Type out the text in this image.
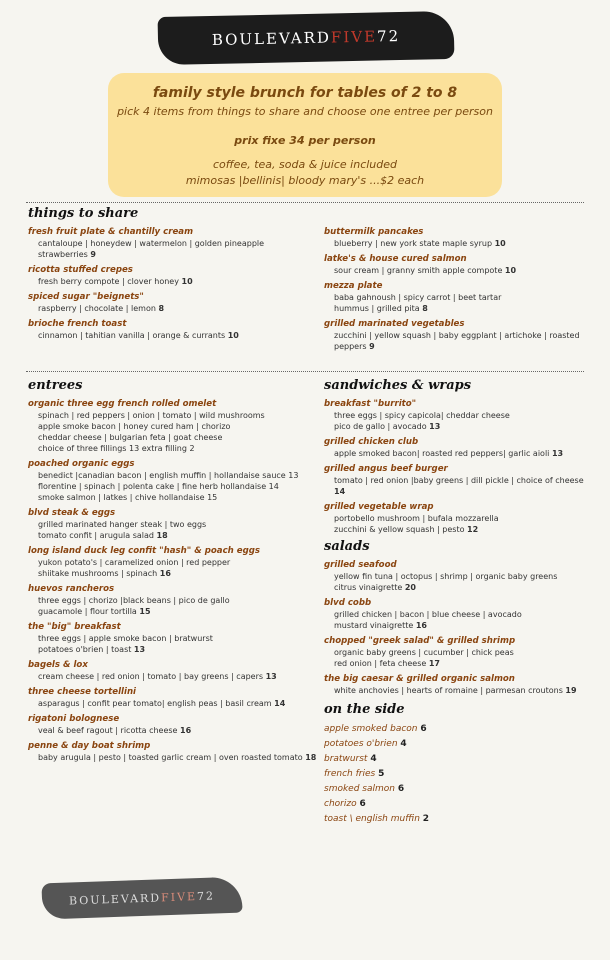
BOULEVARD FIVE 72
family style brunch for tables of 2 to 8
pick 4 items from things to share and choose one entree per person
prix fixe 34 per person
coffee, tea, soda & juice included
mimosas |bellinis| bloody mary's ...$2 each
things to share
fresh fruit plate & chantilly cream
cantaloupe | honeydew | watermelon | golden pineapple
strawberries 9
ricotta stuffed crepes
fresh berry compote | clover honey 10
spiced sugar "beignets"
raspberry | chocolate | lemon 8
brioche french toast
cinnamon | tahitian vanilla | orange & currants 10
buttermilk pancakes
blueberry | new york state maple syrup 10
latke's & house cured salmon
sour cream | granny smith apple compote 10
mezza plate
baba gahnoush | spicy carrot | beet tartar
hummus | grilled pita 8
grilled marinated vegetables
zucchini | yellow squash | baby eggplant | artichoke | roasted
peppers 9
entrees
organic three egg french rolled omelet
spinach | red peppers | onion | tomato | wild mushrooms
apple smoke bacon | honey cured ham | chorizo
cheddar cheese | bulgarian feta | goat cheese
choice of three fillings 13 extra filling 2
poached organic eggs
benedict |canadian bacon | english muffin | hollandaise sauce 13
florentine | spinach | polenta cake | fine herb hollandaise 14
smoke salmon | latkes | chive hollandaise 15
blvd steak & eggs
grilled marinated hanger steak | two eggs
tomato confit | arugula salad 18
long island duck leg confit "hash" & poach eggs
yukon potato's | caramelized onion | red pepper
shiitake mushrooms | spinach 16
huevos rancheros
three eggs | chorizo |black beans | pico de gallo
guacamole | flour tortilla 15
the "big" breakfast
three eggs | apple smoke bacon | bratwurst
potatoes o'brien | toast 13
bagels & lox
cream cheese | red onion | tomato | bay greens | capers 13
three cheese tortellini
asparagus | confit pear tomato| english peas | basil cream 14
rigatoni bolognese
veal & beef ragout | ricotta cheese 16
penne & day boat shrimp
baby arugula | pesto | toasted garlic cream | oven roasted tomato 18
sandwiches & wraps
breakfast "burrito"
three eggs | spicy capicola| cheddar cheese
pico de gallo | avocado 13
grilled chicken club
apple smoked bacon| roasted red peppers| garlic aioli 13
grilled angus beef burger
tomato | red onion |baby greens | dill pickle | choice of cheese 14
grilled vegetable wrap
portobello mushroom | bufala mozzarella
zucchini & yellow squash | pesto 12
salads
grilled seafood
yellow fin tuna | octopus | shrimp | organic baby greens
citrus vinaigrette 20
blvd cobb
grilled chicken | bacon | blue cheese | avocado
mustard vinaigrette 16
chopped "greek salad" & grilled shrimp
organic baby greens | cucumber | chick peas
red onion | feta cheese 17
the big caesar & grilled organic salmon
white anchovies | hearts of romaine | parmesan croutons 19
on the side
apple smoked bacon 6
potatoes o'brien 4
bratwurst 4
french fries 5
smoked salmon 6
chorizo 6
toast \ english muffin 2
BOULEVARD FIVE 72
